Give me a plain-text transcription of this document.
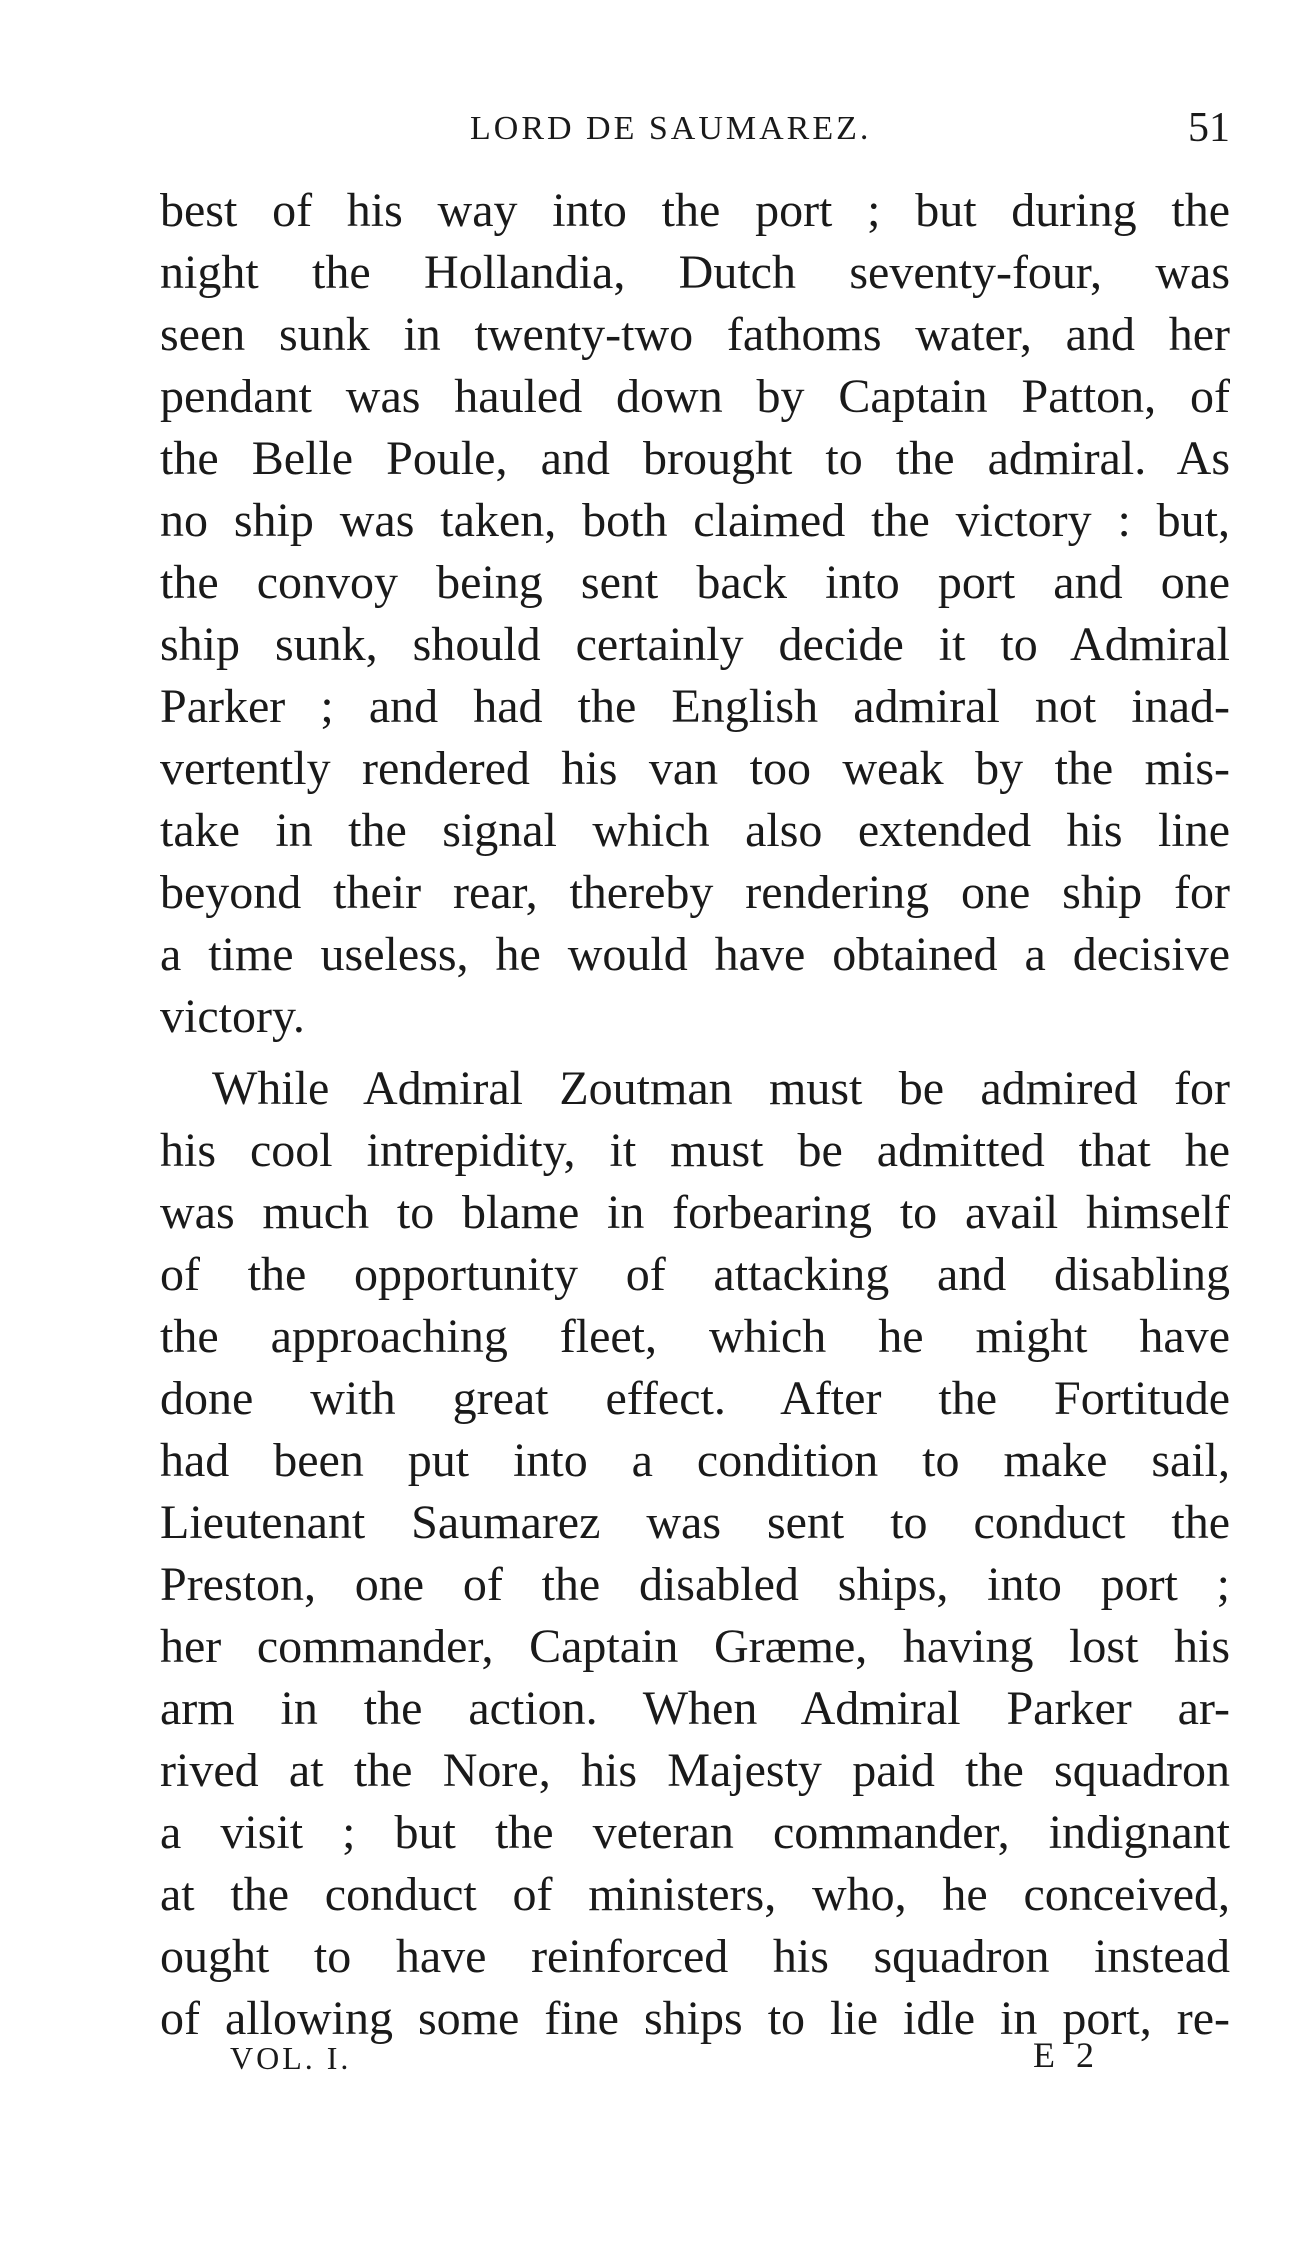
LORD DE SAUMAREZ.	51
best of his way into the port ; but during the
night the Hollandia, Dutch seventy-four, was
seen sunk in twenty-two fathoms water, and her
pendant was hauled down by Captain Patton, of
the Belle Poule, and brought to the admiral. As
no ship was taken, both claimed the victory : but,
the convoy being sent back into port and one
ship sunk, should certainly decide it to Admiral
Parker ; and had the English admiral not inad-
vertently rendered his van too weak by the mis-
take in the signal which also extended his line
beyond their rear, thereby rendering one ship for
a time useless, he would have obtained a decisive
victory.
While Admiral Zoutman must be admired for
his cool intrepidity, it must be admitted that he
was much to blame in forbearing to avail himself
of the opportunity of attacking and disabling
the approaching fleet, which he might have
done with great effect. After the Fortitude
had been put into a condition to make sail,
Lieutenant Saumarez was sent to conduct the
Preston, one of the disabled ships, into port ;
her commander, Captain Græme, having lost his
arm in the action. When Admiral Parker ar-
rived at the Nore, his Majesty paid the squadron
a visit ; but the veteran commander, indignant
at the conduct of ministers, who, he conceived,
ought to have reinforced his squadron instead
of allowing some fine ships to lie idle in port, re-
VOL. I.	E 2
